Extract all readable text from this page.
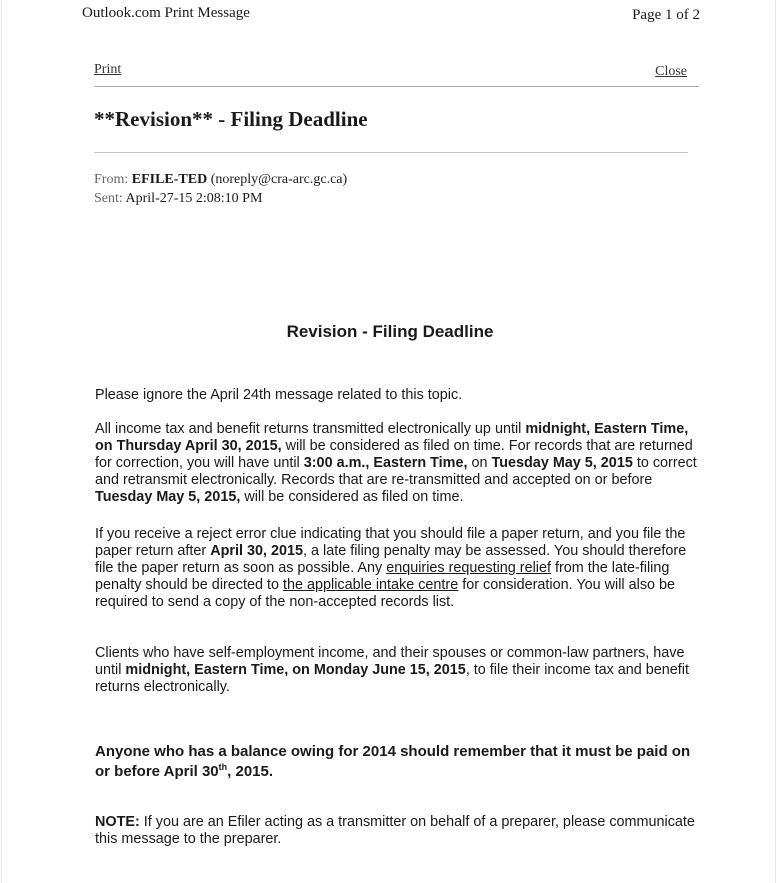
Outlook.com Print Message	Page 1 of 2
Print	Close
**Revision** - Filing Deadline
From: EFILE-TED (noreply@cra-arc.gc.ca)
Sent: April-27-15 2:08:10 PM
Revision - Filing Deadline
Please ignore the April 24th message related to this topic.
All income tax and benefit returns transmitted electronically up until midnight, Eastern Time, on Thursday April 30, 2015, will be considered as filed on time. For records that are returned for correction, you will have until 3:00 a.m., Eastern Time, on Tuesday May 5, 2015 to correct and retransmit electronically. Records that are re-transmitted and accepted on or before Tuesday May 5, 2015, will be considered as filed on time.
If you receive a reject error clue indicating that you should file a paper return, and you file the paper return after April 30, 2015, a late filing penalty may be assessed. You should therefore file the paper return as soon as possible. Any enquiries requesting relief from the late-filing penalty should be directed to the applicable intake centre for consideration. You will also be required to send a copy of the non-accepted records list.
Clients who have self-employment income, and their spouses or common-law partners, have until midnight, Eastern Time, on Monday June 15, 2015, to file their income tax and benefit returns electronically.
Anyone who has a balance owing for 2014 should remember that it must be paid on or before April 30th, 2015.
NOTE: If you are an Efiler acting as a transmitter on behalf of a preparer, please communicate this message to the preparer.
